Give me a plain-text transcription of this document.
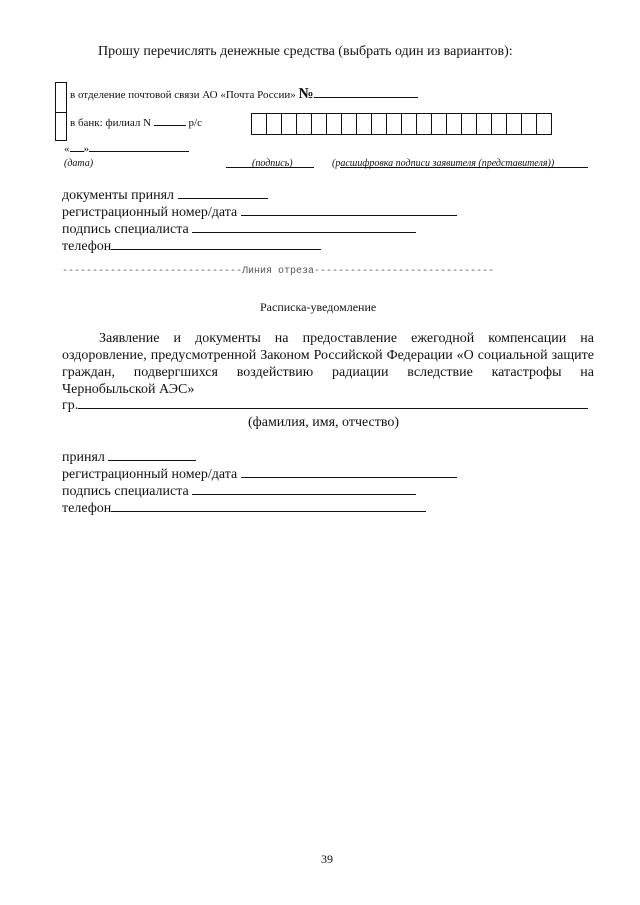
Прошу перечислять денежные средства (выбрать один из вариантов):
в отделение почтовой связи АО «Почта России» №
в банк: филиал N	р/с
« »
(дата)	(подпись)	(расшифровка подписи заявителя (представителя))
документы принял
регистрационный номер/дата
подпись специалиста
телефон
------------------------------Линия отреза------------------------------
Расписка-уведомление
Заявление и документы на предоставление ежегодной компенсации на оздоровление, предусмотренной Законом Российской Федерации «О социальной защите граждан, подвергшихся воздействию радиации вследствие катастрофы на Чернобыльской АЭС»
гр.
(фамилия, имя, отчество)
принял
регистрационный номер/дата
подпись специалиста
телефон
39
